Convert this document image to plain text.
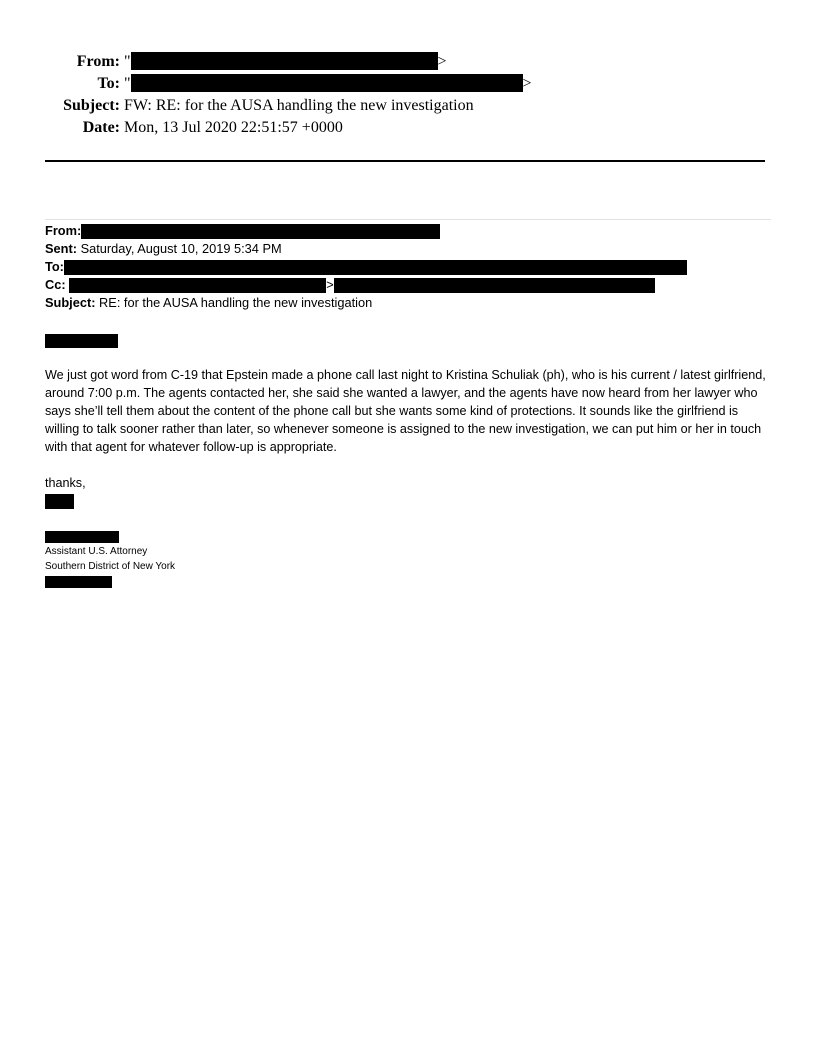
From: "	>
To: "	>
Subject: FW: RE: for the AUSA handling the new investigation
Date: Mon, 13 Jul 2020 22:51:57 +0000
From:
Sent: Saturday, August 10, 2019 5:34 PM
To:
Cc:	>
Subject: RE: for the AUSA handling the new investigation
We just got word from C-19 that Epstein made a phone call last night to Kristina Schuliak (ph), who is his current / latest girlfriend, around 7:00 p.m. The agents contacted her, she said she wanted a lawyer, and the agents have now heard from her lawyer who says she’ll tell them about the content of the phone call but she wants some kind of protections. It sounds like the girlfriend is willing to talk sooner rather than later, so whenever someone is assigned to the new investigation, we can put him or her in touch with that agent for whatever follow-up is appropriate.
thanks,
Assistant U.S. Attorney
Southern District of New York
